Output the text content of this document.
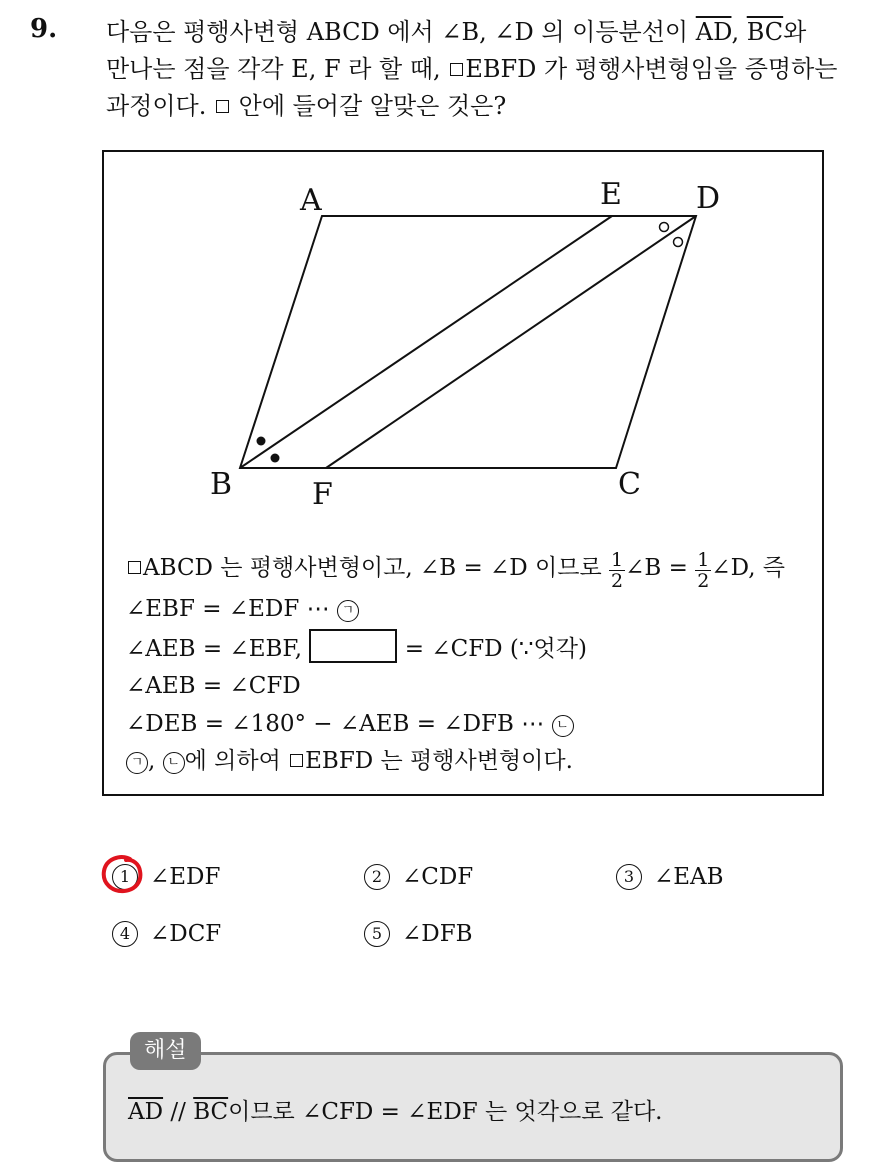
9. 다음은 평행사변형 ABCD 에서 ∠B, ∠D 의 이등분선이 $\overline{AD}$, $\overline{BC}$와
만나는 점을 각각 E, F 라 할 때, EBFD 가 평행사변형임을 증명하는
과정이다.  안에 들어갈 알맞은 것은?
A	E D
B	F	C
ABCD 는 평행사변형이고, ∠B = ∠D 이므로 $\frac{1}{2}$ ∠B = $\frac{1}{2}$ ∠D, 즉
∠EBF = ∠EDF ⋯ ㄱ
∠AEB = ∠EBF,	= ∠CFD (∵엇각)
∠AEB = ∠CFD
∠DEB = ∠180° − ∠AEB = ∠DFB ⋯ ㄴ
ㄱ , ㄴ 에 의하여 EBFD 는 평행사변형이다.
1 ∠EDF	2 ∠CDF	3 ∠EAB
4 ∠DCF	5 ∠DFB
$\overline{AD} // \overline{BC}$이므로 ∠CFD = ∠EDF 는 엇각으로 같다.
해설
